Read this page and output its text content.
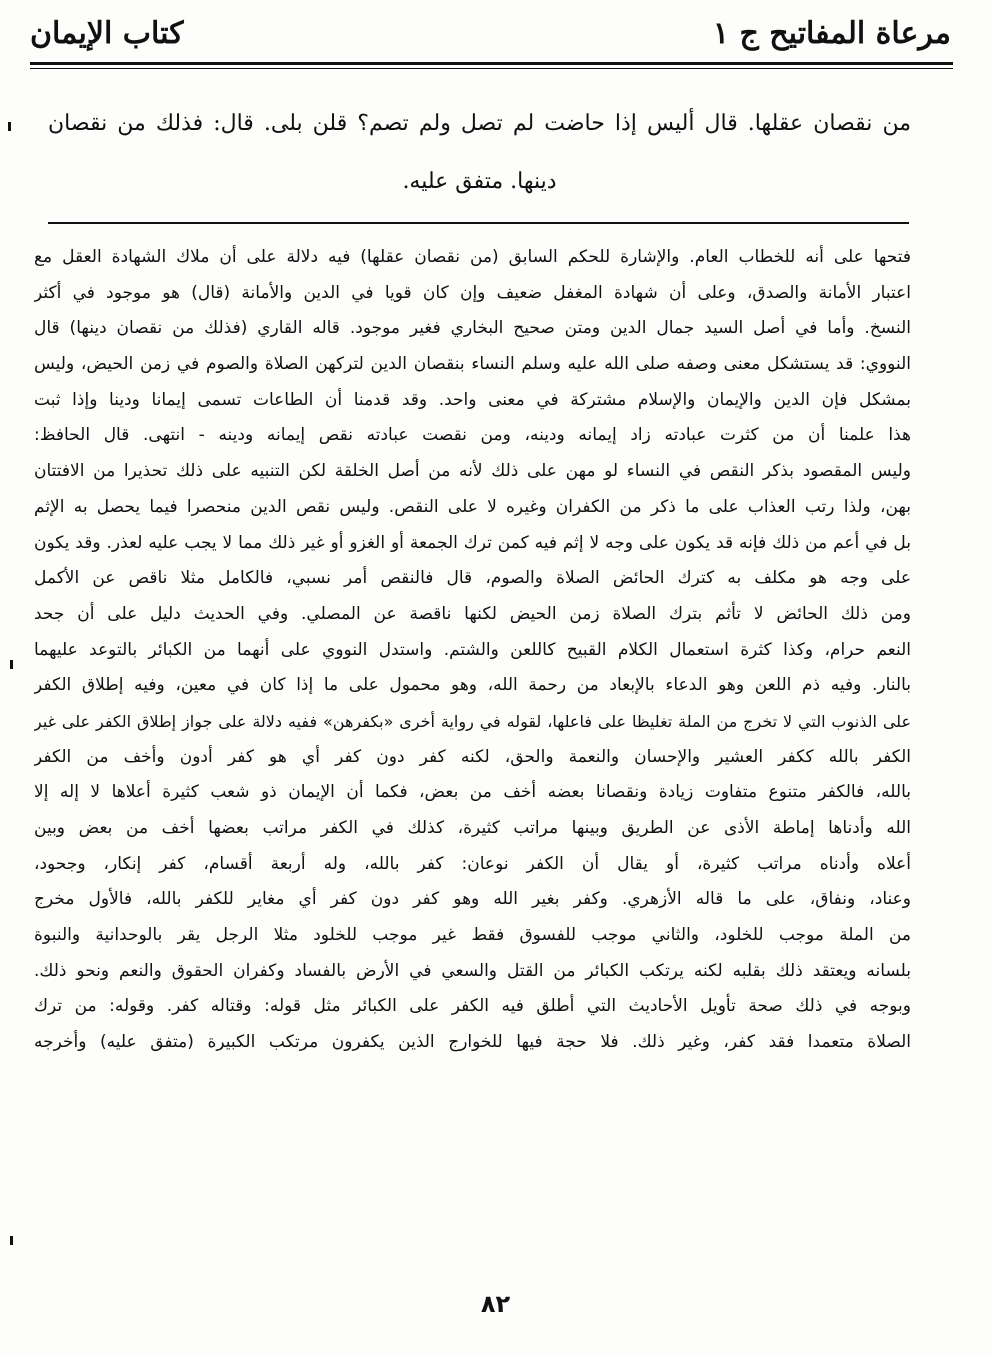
مرعاة المفاتيح ج ١
كتاب الإيمان
من نقصان عقلها. قال أليس إذا حاضت لم تصل ولم تصم؟ قلن بلى. قال: فذلك من نقصان دينها. متفق عليه.
فتحها على أنه للخطاب العام. والإشارة للحكم السابق (من نقصان عقلها) فيه دلالة على أن ملاك الشهادة العقل مع
اعتبار الأمانة والصدق، وعلى أن شهادة المغفل ضعيف وإن كان قويا في الدين والأمانة (قال) هو موجود في أكثر
النسخ. وأما في أصل السيد جمال الدين ومتن صحيح البخاري فغير موجود. قاله القاري (فذلك من نقصان دينها) قال
النووي: قد يستشكل معنى وصفه صلى الله عليه وسلم النساء بنقصان الدين لتركهن الصلاة والصوم في زمن الحيض، وليس
بمشكل فإن الدين والإيمان والإسلام مشتركة في معنى واحد. وقد قدمنا أن الطاعات تسمى إيمانا ودينا وإذا ثبت
هذا علمنا أن من كثرت عبادته زاد إيمانه ودينه، ومن نقصت عبادته نقص إيمانه ودينه - انتهى. قال الحافظ:
وليس المقصود بذكر النقص في النساء لو مهن على ذلك لأنه من أصل الخلقة لكن التنبيه على ذلك تحذيرا من الافتتان
بهن، ولذا رتب العذاب على ما ذكر من الكفران وغيره لا على النقص. وليس نقص الدين منحصرا فيما يحصل به الإثم
بل في أعم من ذلك فإنه قد يكون على وجه لا إثم فيه كمن ترك الجمعة أو الغزو أو غير ذلك مما لا يجب عليه لعذر. وقد يكون
على وجه هو مكلف به كترك الحائض الصلاة والصوم، قال فالنقص أمر نسبي، فالكامل مثلا ناقص عن الأكمل
ومن ذلك الحائض لا تأثم بترك الصلاة زمن الحيض لكنها ناقصة عن المصلي. وفي الحديث دليل على أن جحد
النعم حرام، وكذا كثرة استعمال الكلام القبيح كاللعن والشتم. واستدل النووي على أنهما من الكبائر بالتوعد عليهما
بالنار. وفيه ذم اللعن وهو الدعاء بالإبعاد من رحمة الله، وهو محمول على ما إذا كان في معين، وفيه إطلاق الكفر
على الذنوب التي لا تخرج من الملة تغليظا على فاعلها، لقوله في رواية أخرى «بكفرهن» ففيه دلالة على جواز إطلاق الكفر على غير
الكفر بالله ككفر العشير والإحسان والنعمة والحق، لكنه كفر دون كفر أي هو كفر أدون وأخف من الكفر
بالله، فالكفر متنوع متفاوت زيادة ونقصانا بعضه أخف من بعض، فكما أن الإيمان ذو شعب كثيرة أعلاها لا إله إلا
الله وأدناها إماطة الأذى عن الطريق وبينها مراتب كثيرة، كذلك في الكفر مراتب بعضها أخف من بعض وبين
أعلاه وأدناه مراتب كثيرة، أو يقال أن الكفر نوعان: كفر بالله، وله أربعة أقسام، كفر إنكار، وجحود،
وعناد، ونفاق، على ما قاله الأزهري. وكفر بغير الله وهو كفر دون كفر أي مغاير للكفر بالله، فالأول مخرج
من الملة موجب للخلود، والثاني موجب للفسوق فقط غير موجب للخلود مثلا الرجل يقر بالوحدانية والنبوة
بلسانه ويعتقد ذلك بقلبه لكنه يرتكب الكبائر من القتل والسعي في الأرض بالفساد وكفران الحقوق والنعم ونحو ذلك.
وبوجه في ذلك صحة تأويل الأحاديث التي أطلق فيه الكفر على الكبائر مثل قوله: وقتاله كفر. وقوله: من ترك
الصلاة متعمدا فقد كفر، وغير ذلك. فلا حجة فيها للخوارج الذين يكفرون مرتكب الكبيرة (متفق عليه) وأخرجه
٨٢
